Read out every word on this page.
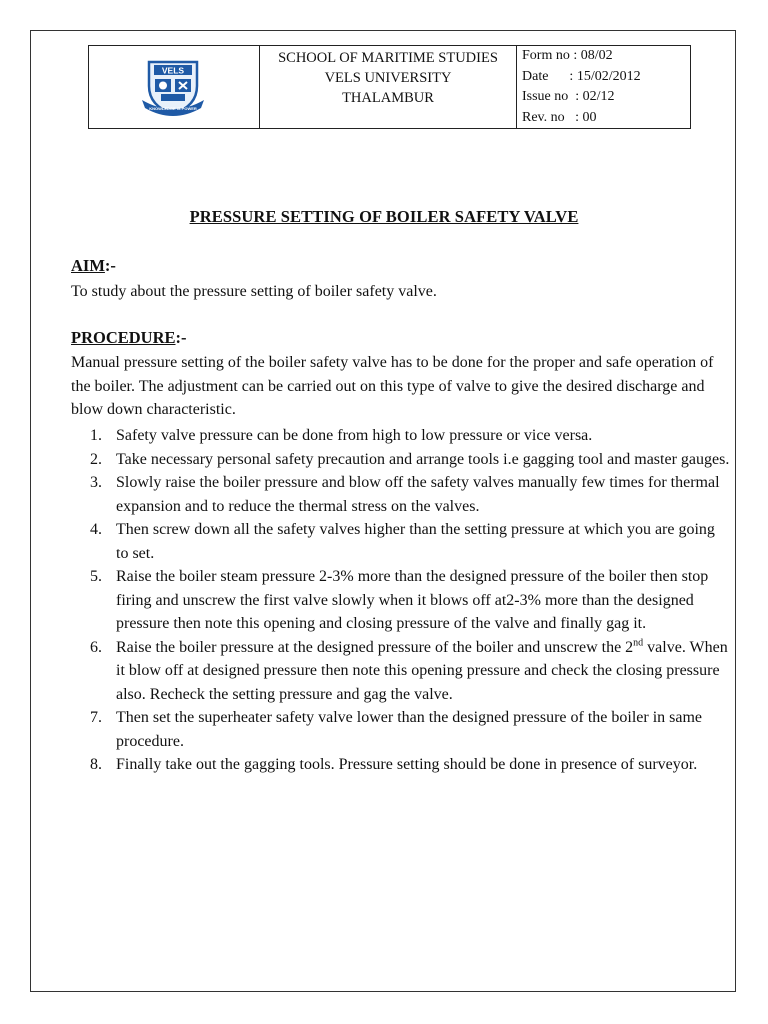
VELS
KNOWLEDGE IS POWER

SCHOOL OF MARITIME STUDIES
VELS UNIVERSITY
THALAMBUR

Form no : 08/02
Date      : 15/02/2012
Issue no  : 02/12
Rev. no   : 00
PRESSURE SETTING OF BOILER SAFETY VALVE
AIM:-
To study about the pressure setting of boiler safety valve.
PROCEDURE:-
Manual pressure setting of the boiler safety valve has to be done for the proper and safe operation of the boiler. The adjustment can be carried out on this type of valve to give the desired discharge and blow down characteristic.
1. Safety valve pressure can be done from high to low pressure or vice versa.
2. Take necessary personal safety precaution and arrange tools i.e gagging tool and master gauges.
3. Slowly raise the boiler pressure and blow off the safety valves manually few times for thermal expansion and to reduce the thermal stress on the valves.
4. Then screw down all the safety valves higher than the setting pressure at which you are going to set.
5. Raise the boiler steam pressure 2-3% more than the designed pressure of the boiler then stop firing and unscrew the first valve slowly when it blows off at2-3% more than the designed pressure then note this opening and closing pressure of the valve and finally gag it.
6. Raise the boiler pressure at the designed pressure of the boiler and unscrew the 2nd valve. When it blow off at designed pressure then note this opening pressure and check the closing pressure also. Recheck the setting pressure and gag the valve.
7. Then set the superheater safety valve lower than the designed pressure of the boiler in same procedure.
8. Finally take out the gagging tools. Pressure setting should be done in presence of surveyor.
